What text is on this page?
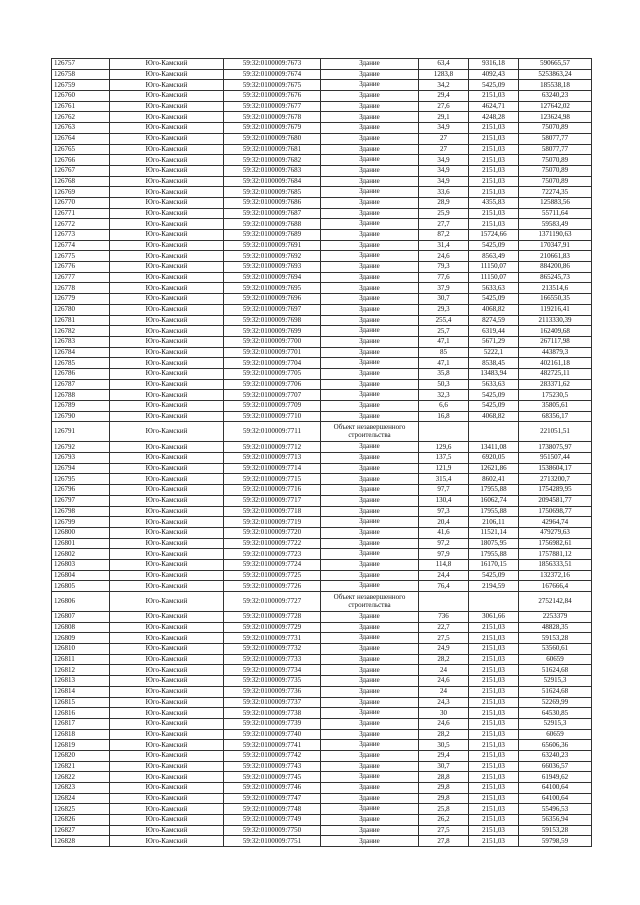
126757	Юго-Камский	59:32:0100009:7673	Здание	63,4	9316,18	590665,57
126758	Юго-Камский	59:32:0100009:7674	Здание	1283,8	4092,43	5253863,24
126759	Юго-Камский	59:32:0100009:7675	Здание	34,2	5425,09	185538,18
126760	Юго-Камский	59:32:0100009:7676	Здание	29,4	2151,03	63240,23
126761	Юго-Камский	59:32:0100009:7677	Здание	27,6	4624,71	127642,02
126762	Юго-Камский	59:32:0100009:7678	Здание	29,1	4248,28	123624,98
126763	Юго-Камский	59:32:0100009:7679	Здание	34,9	2151,03	75070,89
126764	Юго-Камский	59:32:0100009:7680	Здание	27	2151,03	58077,77
126765	Юго-Камский	59:32:0100009:7681	Здание	27	2151,03	58077,77
126766	Юго-Камский	59:32:0100009:7682	Здание	34,9	2151,03	75070,89
126767	Юго-Камский	59:32:0100009:7683	Здание	34,9	2151,03	75070,89
126768	Юго-Камский	59:32:0100009:7684	Здание	34,9	2151,03	75070,89
126769	Юго-Камский	59:32:0100009:7685	Здание	33,6	2151,03	72274,35
126770	Юго-Камский	59:32:0100009:7686	Здание	28,9	4355,83	125883,56
126771	Юго-Камский	59:32:0100009:7687	Здание	25,9	2151,03	55711,64
126772	Юго-Камский	59:32:0100009:7688	Здание	27,7	2151,03	59583,49
126773	Юго-Камский	59:32:0100009:7689	Здание	87,2	15724,66	1371190,63
126774	Юго-Камский	59:32:0100009:7691	Здание	31,4	5425,09	170347,91
126775	Юго-Камский	59:32:0100009:7692	Здание	24,6	8563,49	210661,83
126776	Юго-Камский	59:32:0100009:7693	Здание	79,3	11150,07	884200,86
126777	Юго-Камский	59:32:0100009:7694	Здание	77,6	11150,07	865245,73
126778	Юго-Камский	59:32:0100009:7695	Здание	37,9	5633,63	213514,6
126779	Юго-Камский	59:32:0100009:7696	Здание	30,7	5425,09	166550,35
126780	Юго-Камский	59:32:0100009:7697	Здание	29,3	4068,82	119216,41
126781	Юго-Камский	59:32:0100009:7698	Здание	255,4	8274,59	2113330,39
126782	Юго-Камский	59:32:0100009:7699	Здание	25,7	6319,44	162409,68
126783	Юго-Камский	59:32:0100009:7700	Здание	47,1	5671,29	267117,98
126784	Юго-Камский	59:32:0100009:7701	Здание	85	5222,1	443879,3
126785	Юго-Камский	59:32:0100009:7704	Здание	47,1	8538,45	402161,18
126786	Юго-Камский	59:32:0100009:7705	Здание	35,8	13483,94	482725,11
126787	Юго-Камский	59:32:0100009:7706	Здание	50,3	5633,63	283371,62
126788	Юго-Камский	59:32:0100009:7707	Здание	32,3	5425,09	175230,5
126789	Юго-Камский	59:32:0100009:7709	Здание	6,6	5425,09	35805,61
126790	Юго-Камский	59:32:0100009:7710	Здание	16,8	4068,82	68356,17
126791	Юго-Камский	59:32:0100009:7711	Объект незавершенного строительства			221051,51
126792	Юго-Камский	59:32:0100009:7712	Здание	129,6	13411,08	1738075,97
126793	Юго-Камский	59:32:0100009:7713	Здание	137,5	6920,05	951507,44
126794	Юго-Камский	59:32:0100009:7714	Здание	121,9	12621,86	1538604,17
126795	Юго-Камский	59:32:0100009:7715	Здание	315,4	8602,41	2713200,7
126796	Юго-Камский	59:32:0100009:7716	Здание	97,7	17955,88	1754289,95
126797	Юго-Камский	59:32:0100009:7717	Здание	130,4	16062,74	2094581,77
126798	Юго-Камский	59:32:0100009:7718	Здание	97,3	17955,88	1750698,77
126799	Юго-Камский	59:32:0100009:7719	Здание	20,4	2106,11	42964,74
126800	Юго-Камский	59:32:0100009:7720	Здание	41,6	11521,14	479279,63
126801	Юго-Камский	59:32:0100009:7722	Здание	97,2	18075,95	1756982,61
126802	Юго-Камский	59:32:0100009:7723	Здание	97,9	17955,88	1757881,12
126803	Юго-Камский	59:32:0100009:7724	Здание	114,8	16170,15	1856333,51
126804	Юго-Камский	59:32:0100009:7725	Здание	24,4	5425,09	132372,16
126805	Юго-Камский	59:32:0100009:7726	Здание	76,4	2194,59	167666,4
126806	Юго-Камский	59:32:0100009:7727	Объект незавершенного строительства			2752142,84
126807	Юго-Камский	59:32:0100009:7728	Здание	736	3061,66	2253379
126808	Юго-Камский	59:32:0100009:7729	Здание	22,7	2151,03	48828,35
126809	Юго-Камский	59:32:0100009:7731	Здание	27,5	2151,03	59153,28
126810	Юго-Камский	59:32:0100009:7732	Здание	24,9	2151,03	53560,61
126811	Юго-Камский	59:32:0100009:7733	Здание	28,2	2151,03	60659
126812	Юго-Камский	59:32:0100009:7734	Здание	24	2151,03	51624,68
126813	Юго-Камский	59:32:0100009:7735	Здание	24,6	2151,03	52915,3
126814	Юго-Камский	59:32:0100009:7736	Здание	24	2151,03	51624,68
126815	Юго-Камский	59:32:0100009:7737	Здание	24,3	2151,03	52269,99
126816	Юго-Камский	59:32:0100009:7738	Здание	30	2151,03	64530,85
126817	Юго-Камский	59:32:0100009:7739	Здание	24,6	2151,03	52915,3
126818	Юго-Камский	59:32:0100009:7740	Здание	28,2	2151,03	60659
126819	Юго-Камский	59:32:0100009:7741	Здание	30,5	2151,03	65606,36
126820	Юго-Камский	59:32:0100009:7742	Здание	29,4	2151,03	63240,23
126821	Юго-Камский	59:32:0100009:7743	Здание	30,7	2151,03	66036,57
126822	Юго-Камский	59:32:0100009:7745	Здание	28,8	2151,03	61949,62
126823	Юго-Камский	59:32:0100009:7746	Здание	29,8	2151,03	64100,64
126824	Юго-Камский	59:32:0100009:7747	Здание	29,8	2151,03	64100,64
126825	Юго-Камский	59:32:0100009:7748	Здание	25,8	2151,03	55496,53
126826	Юго-Камский	59:32:0100009:7749	Здание	26,2	2151,03	56356,94
126827	Юго-Камский	59:32:0100009:7750	Здание	27,5	2151,03	59153,28
126828	Юго-Камский	59:32:0100009:7751	Здание	27,8	2151,03	59798,59
